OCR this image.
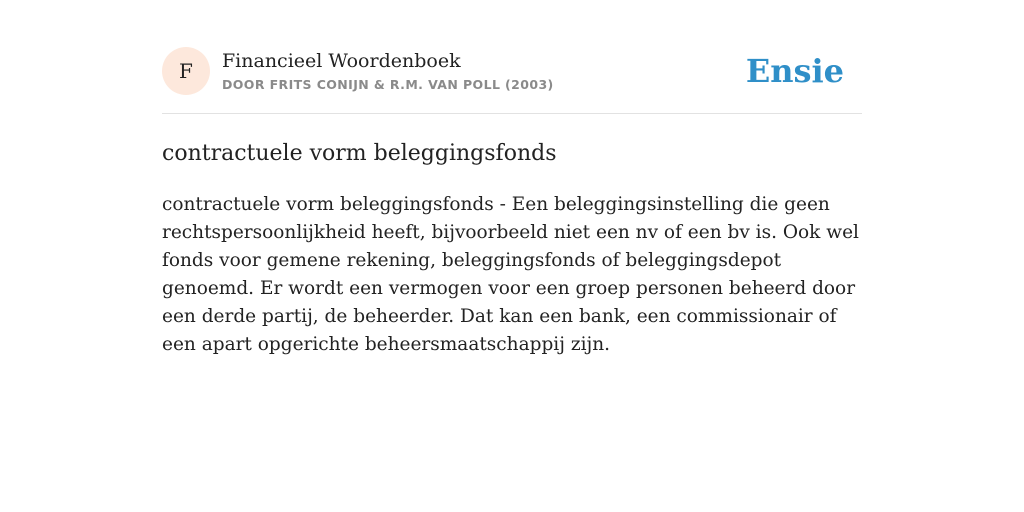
F	Financieel Woordenboek
DOOR FRITS CONIJN & R.M. VAN POLL (2003)	Ensie
contractuele vorm beleggingsfonds
contractuele vorm beleggingsfonds - Een beleggingsinstelling die geen rechtspersoonlijkheid heeft, bijvoorbeeld niet een nv of een bv is. Ook wel fonds voor gemene rekening, beleggingsfonds of beleggingsdepot genoemd. Er wordt een vermogen voor een groep personen beheerd door een derde partij, de beheerder. Dat kan een bank, een commissionair of een apart opgerichte beheersmaatschappij zijn.
